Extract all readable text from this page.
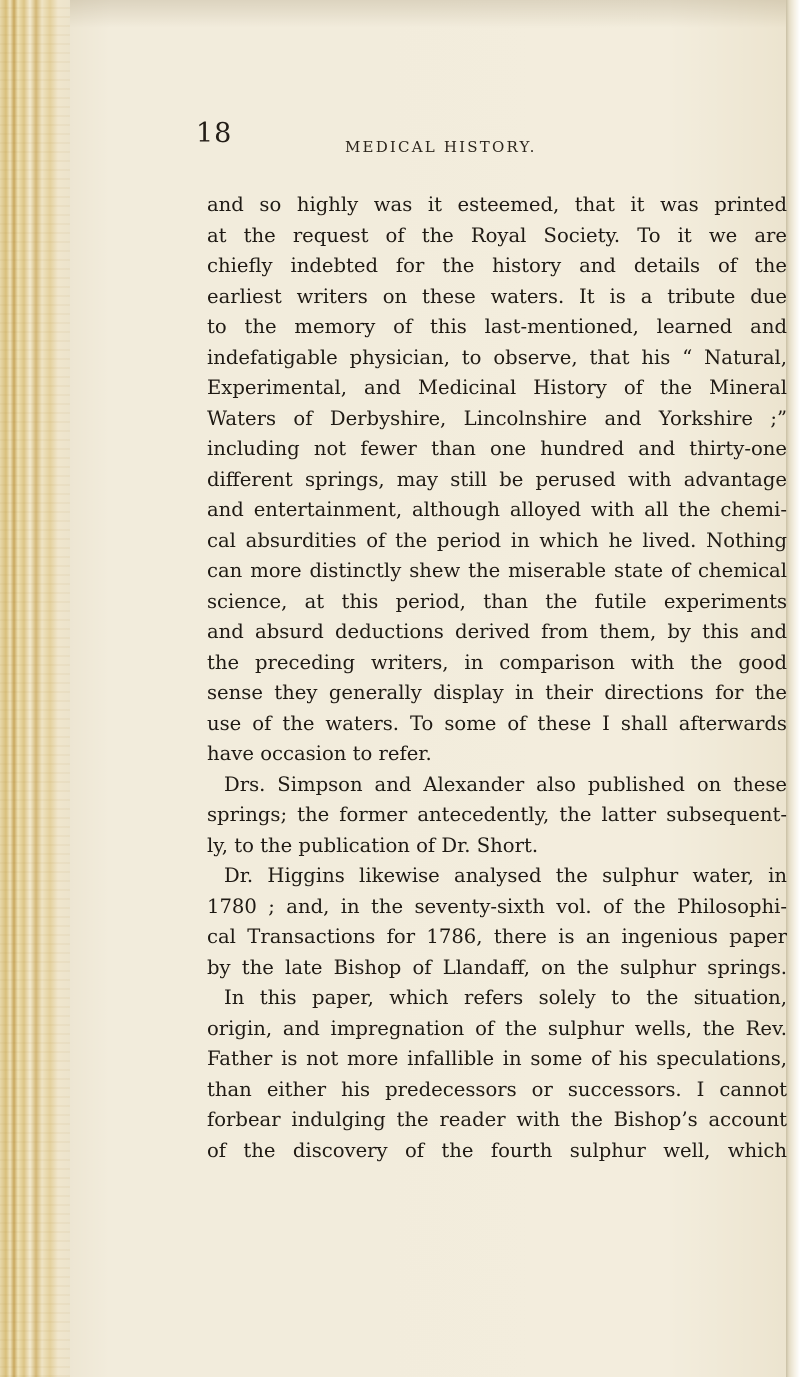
18	MEDICAL HISTORY.
and so highly was it esteemed, that it was printed
at the request of the Royal Society. To it we are
chiefly indebted for the history and details of the
earliest writers on these waters. It is a tribute due
to the memory of this last-mentioned, learned and
indefatigable physician, to observe, that his “ Natural,
Experimental, and Medicinal History of the Mineral
Waters of Derbyshire, Lincolnshire and Yorkshire ;”
including not fewer than one hundred and thirty-one
different springs, may still be perused with advantage
and entertainment, although alloyed with all the chemi-
cal absurdities of the period in which he lived. Nothing
can more distinctly shew the miserable state of chemical
science, at this period, than the futile experiments
and absurd deductions derived from them, by this and
the preceding writers, in comparison with the good
sense they generally display in their directions for the
use of the waters. To some of these I shall afterwards
have occasion to refer.
Drs. Simpson and Alexander also published on these
springs; the former antecedently, the latter subsequent-
ly, to the publication of Dr. Short.
Dr. Higgins likewise analysed the sulphur water, in
1780 ; and, in the seventy-sixth vol. of the Philosophi-
cal Transactions for 1786, there is an ingenious paper
by the late Bishop of Llandaff, on the sulphur springs.
In this paper, which refers solely to the situation,
origin, and impregnation of the sulphur wells, the Rev.
Father is not more infallible in some of his speculations,
than either his predecessors or successors. I cannot
forbear indulging the reader with the Bishop’s account
of the discovery of the fourth sulphur well, which
